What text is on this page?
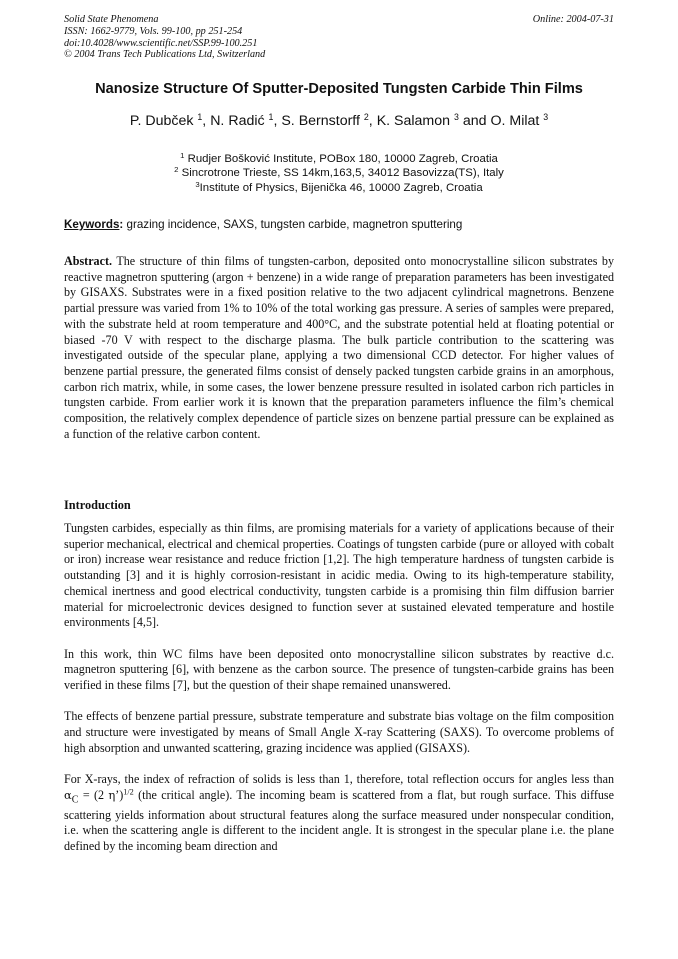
Solid State Phenomena
ISSN: 1662-9779, Vols. 99-100, pp 251-254
doi:10.4028/www.scientific.net/SSP.99-100.251
© 2004 Trans Tech Publications Ltd, Switzerland
Online: 2004-07-31
Nanosize Structure Of Sputter-Deposited Tungsten Carbide Thin Films
P. Dubček $^1$, N. Radić $^1$, S. Bernstorff $^2$, K. Salamon $^3$ and O. Milat $^3$
$^1$ Rudjer Bošković Institute, POBox 180, 10000 Zagreb, Croatia
$^2$ Sincrotrone Trieste, SS 14km,163,5, 34012 Basovizza(TS), Italy
$^3$Institute of Physics, Bijenička 46, 10000 Zagreb, Croatia
Keywords: grazing incidence, SAXS, tungsten carbide, magnetron sputtering

Abstract. The structure of thin films of tungsten-carbon, deposited onto monocrystalline silicon substrates by reactive magnetron sputtering (argon + benzene) in a wide range of preparation parameters has been investigated by GISAXS. Substrates were in a fixed position relative to the two adjacent cylindrical magnetrons. Benzene partial pressure was varied from 1% to 10% of the total working gas pressure. A series of samples were prepared, with the substrate held at room temperature and 400°C, and the substrate potential held at floating potential or biased -70 V with respect to the discharge plasma. The bulk particle contribution to the scattering was investigated outside of the specular plane, applying a two dimensional CCD detector. For higher values of benzene partial pressure, the generated films consist of densely packed tungsten carbide grains in an amorphous, carbon rich matrix, while, in some cases, the lower benzene pressure resulted in isolated carbon rich particles in tungsten carbide. From earlier work it is known that the preparation parameters influence the film’s chemical composition, the relatively complex dependence of particle sizes on benzene partial pressure can be explained as a function of the relative carbon content.

Introduction

Tungsten carbides, especially as thin films, are promising materials for a variety of applications because of their superior mechanical, electrical and chemical properties. Coatings of tungsten carbide (pure or alloyed with cobalt or iron) increase wear resistance and reduce friction [1,2]. The high temperature hardness of tungsten carbide is outstanding [3] and it is highly corrosion-resistant in acidic media. Owing to its high-temperature stability, chemical inertness and good electrical conductivity, tungsten carbide is a promising thin film diffusion barrier material for microelectronic devices designed to function sever at sustained elevated temperature and hostile environments [4,5].

In this work, thin WC films have been deposited onto monocrystalline silicon substrates by reactive d.c. magnetron sputtering [6], with benzene as the carbon source. The presence of tungsten-carbide grains has been verified in these films [7], but the question of their shape remained unanswered.

The effects of benzene partial pressure, substrate temperature and substrate bias voltage on the film composition and structure were investigated by means of Small Angle X-ray Scattering (SAXS). To overcome problems of high absorption and unwanted scattering, grazing incidence was applied (GISAXS).

For X-rays, the index of refraction of solids is less than 1, therefore, total reflection occurs for angles less than $\alpha_C = (2$ η’)$^{1/2}$ (the critical angle). The incoming beam is scattered from a flat, but rough surface. This diffuse scattering yields information about structural features along the surface measured under nonspecular condition, i.e. when the scattering angle is different to the incident angle. It is strongest in the specular plane i.e. the plane defined by the incoming beam direction and
